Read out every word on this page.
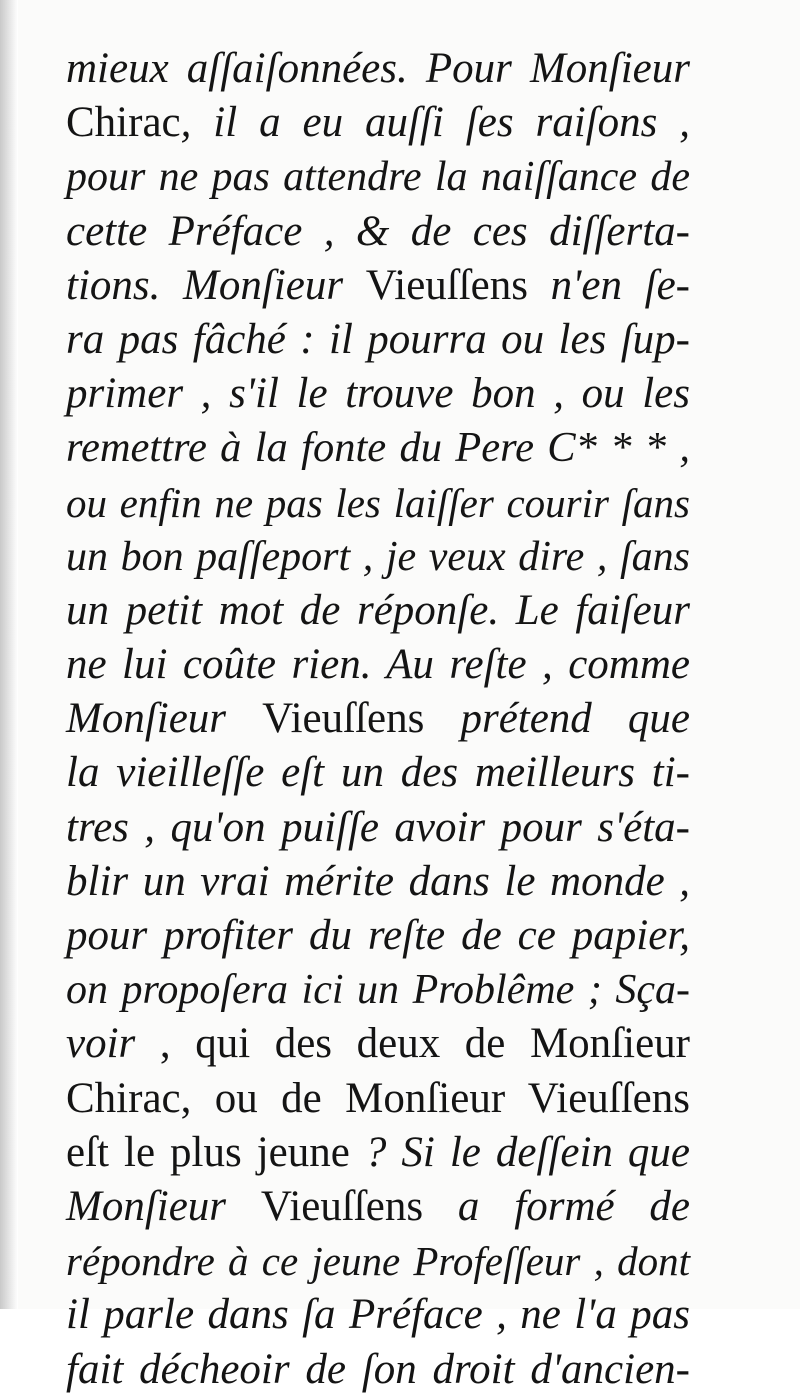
mieux aſſaiſonnées. Pour Monſieur
Chirac, il a eu auſſi ſes raiſons ,
pour ne pas attendre la naiſſance de
cette Préface , & de ces diſſerta-
tions. Monſieur Vieuſſens n'en ſe-
ra pas fâché : il pourra ou les ſup-
primer , s'il le trouve bon , ou les
remettre à la fonte du Pere C* * * ,
ou enfin ne pas les laiſſer courir ſans
un bon paſſeport , je veux dire , ſans
un petit mot de réponſe. Le faiſeur
ne lui coûte rien. Au reſte , comme
Monſieur Vieuſſens prétend que
la vieilleſſe eſt un des meilleurs ti-
tres , qu'on puiſſe avoir pour s'éta-
blir un vrai mérite dans le monde ,
pour profiter du reſte de ce papier,
on propoſera ici un Problême ; Sça-
voir , qui des deux de Monſieur
Chirac, ou de Monſieur Vieuſſens
eſt le plus jeune ? Si le deſſein que
Monſieur Vieuſſens a formé de
répondre à ce jeune Profeſſeur , dont
il parle dans ſa Préface , ne l'a pas
fait décheoir de ſon droit d'ancien-
